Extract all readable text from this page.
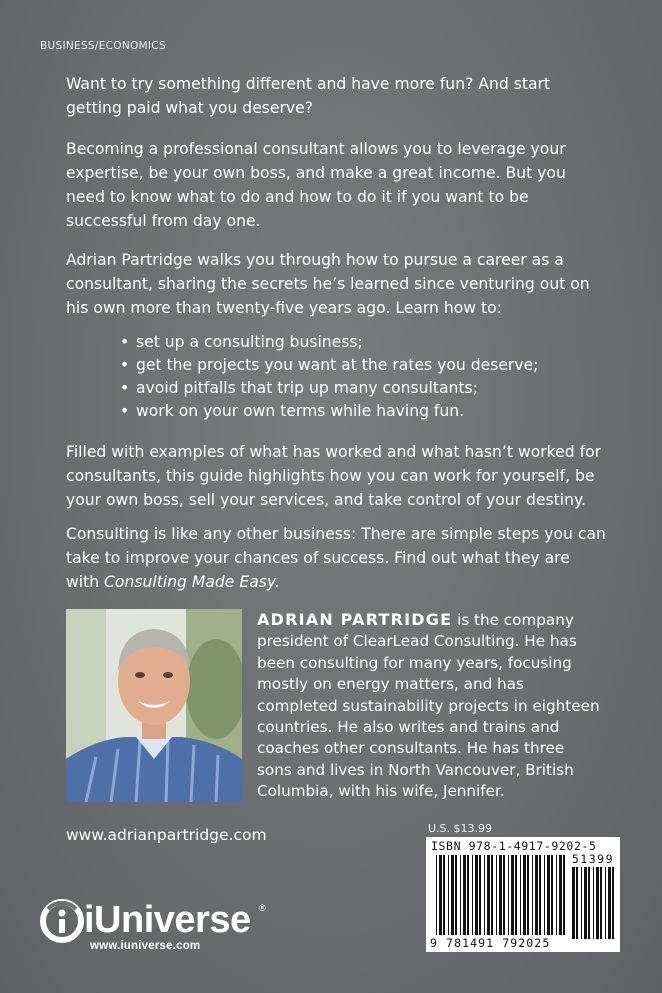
BUSINESS/ECONOMICS

Want to try something different and have more fun? And start getting paid what you deserve?

Becoming a professional consultant allows you to leverage your expertise, be your own boss, and make a great income. But you need to know what to do and how to do it if you want to be successful from day one.

Adrian Partridge walks you through how to pursue a career as a consultant, sharing the secrets he’s learned since venturing out on his own more than twenty-five years ago. Learn how to:

• set up a consulting business;
• get the projects you want at the rates you deserve;
• avoid pitfalls that trip up many consultants;
• work on your own terms while having fun.

Filled with examples of what has worked and what hasn’t worked for consultants, this guide highlights how you can work for yourself, be your own boss, sell your services, and take control of your destiny.

Consulting is like any other business: There are simple steps you can take to improve your chances of success. Find out what they are with Consulting Made Easy.

ADRIAN PARTRIDGE is the company president of ClearLead Consulting. He has been consulting for many years, focusing mostly on energy matters, and has completed sustainability projects in eighteen countries. He also writes and trains and coaches other consultants. He has three sons and lives in North Vancouver, British Columbia, with his wife, Jennifer.
www.adrianpartridge.com	U.S. $13.99
ISBN 978-1-4917-9202-5
51399
9 781491 792025
iUniverse ®
www.iuniverse.com
